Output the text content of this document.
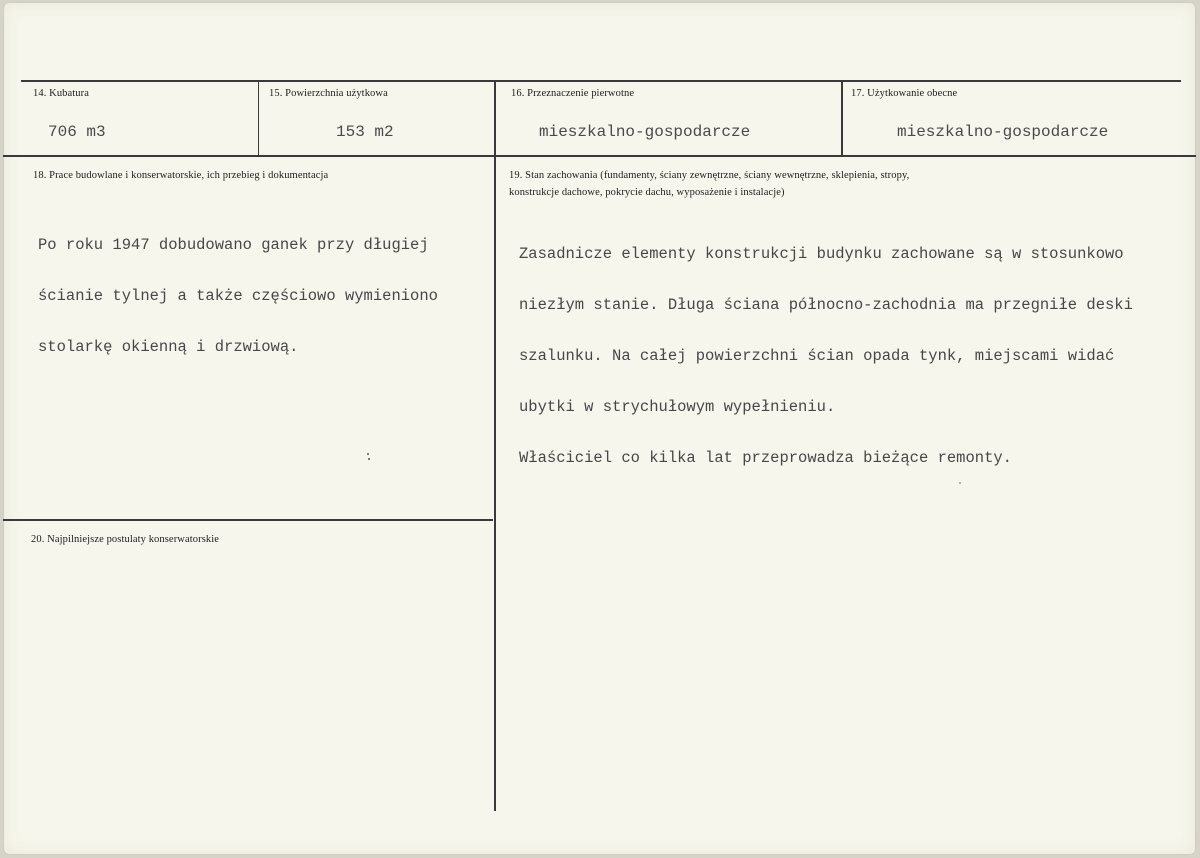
14. Kubatura
706 m3
15. Powierzchnia użytkowa
153 m2
16. Przeznaczenie pierwotne
mieszkalno-gospodarcze
17. Użytkowanie obecne
mieszkalno-gospodarcze
18. Prace budowlane i konserwatorskie, ich przebieg i dokumentacja

Po roku 1947 dobudowano ganek przy długiej

ścianie tylnej a także częściowo wymieniono

stolarkę okienną i drzwiową.

19. Stan zachowania (fundamenty, ściany zewnętrzne, ściany wewnętrzne, sklepienia, stropy,
konstrukcje dachowe, pokrycie dachu, wyposażenie i instalacje)

Zasadnicze elementy konstrukcji budynku zachowane są w stosunkowo

niezłym stanie. Długa ściana północno-zachodnia ma przegniłe deski

szalunku. Na całej powierzchni ścian opada tynk, miejscami widać

ubytki w strychułowym wypełnieniu.

Właściciel co kilka lat przeprowadza bieżące remonty.

20. Najpilniejsze postulaty konserwatorskie
